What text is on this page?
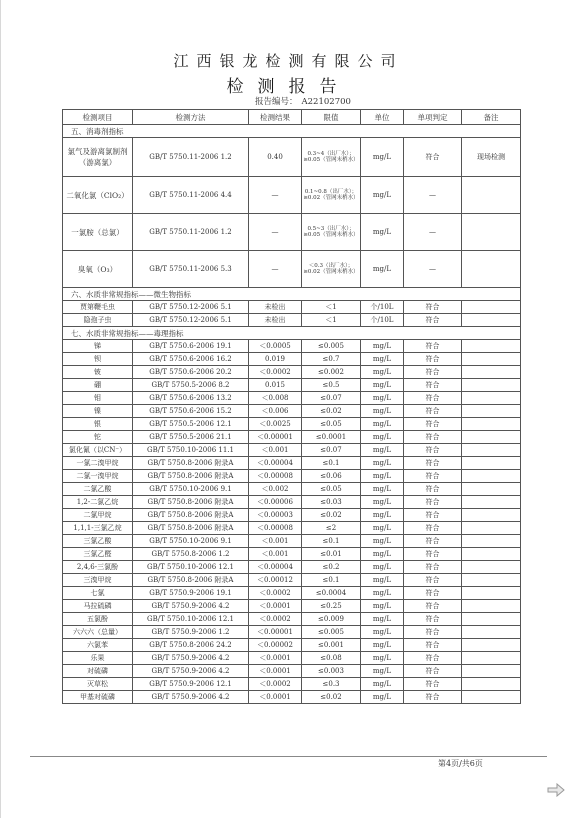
江西银龙检测有限公司
检测报告
报告编号： A22102700
检测项目	检测方法	检测结果	限值	单位	单项判定	备注
五、消毒剂指标						
氯气及游离氯制剂（游离氯）	GB/T 5750.11-2006 1.2	0.40	0.3~4（出厂水）；≥0.05（管网末梢水）	mg/L	符合	现场检测
二氧化氯（ClO₂）	GB/T 5750.11-2006 4.4	—	0.1~0.8（出厂水）；≥0.02（管网末梢水）	mg/L	—	
一氯胺（总氯）	GB/T 5750.11-2006 1.2	—	0.5~3（出厂水）；≥0.05（管网末梢水）	mg/L	—	
臭氧（O₃）	GB/T 5750.11-2006 5.3	—	＜0.3（出厂水）；≥0.02（管网末梢水）	mg/L	—	
六、水质非常规指标——微生物指标						
贾第鞭毛虫	GB/T 5750.12-2006 5.1	未检出	＜1	个/10L	符合	
隐孢子虫	GB/T 5750.12-2006 5.1	未检出	＜1	个/10L	符合	
七、水质非常规指标——毒理指标						
锑	GB/T 5750.6-2006 19.1	＜0.0005	≤0.005	mg/L	符合	
钡	GB/T 5750.6-2006 16.2	0.019	≤0.7	mg/L	符合	
铍	GB/T 5750.6-2006 20.2	＜0.0002	≤0.002	mg/L	符合	
硼	GB/T 5750.5-2006 8.2	0.015	≤0.5	mg/L	符合	
钼	GB/T 5750.6-2006 13.2	＜0.008	≤0.07	mg/L	符合	
镍	GB/T 5750.6-2006 15.2	＜0.006	≤0.02	mg/L	符合	
银	GB/T 5750.5-2006 12.1	＜0.0025	≤0.05	mg/L	符合	
铊	GB/T 5750.5-2006 21.1	＜0.00001	≤0.0001	mg/L	符合	
氯化氰（以CN⁻）	GB/T 5750.10-2006 11.1	＜0.001	≤0.07	mg/L	符合	
一氯二溴甲烷	GB/T 5750.8-2006 附录A	＜0.00004	≤0.1	mg/L	符合	
二氯一溴甲烷	GB/T 5750.8-2006 附录A	＜0.00008	≤0.06	mg/L	符合	
二氯乙酸	GB/T 5750.10-2006 9.1	＜0.002	≤0.05	mg/L	符合	
1,2-二氯乙烷	GB/T 5750.8-2006 附录A	＜0.00006	≤0.03	mg/L	符合	
二氯甲烷	GB/T 5750.8-2006 附录A	＜0.00003	≤0.02	mg/L	符合	
1,1,1-三氯乙烷	GB/T 5750.8-2006 附录A	＜0.00008	≤2	mg/L	符合	
三氯乙酸	GB/T 5750.10-2006 9.1	＜0.001	≤0.1	mg/L	符合	
三氯乙醛	GB/T 5750.8-2006 1.2	＜0.001	≤0.01	mg/L	符合	
2,4,6-三氯酚	GB/T 5750.10-2006 12.1	＜0.00004	≤0.2	mg/L	符合	
三溴甲烷	GB/T 5750.8-2006 附录A	＜0.00012	≤0.1	mg/L	符合	
七氯	GB/T 5750.9-2006 19.1	＜0.0002	≤0.0004	mg/L	符合	
马拉硫磷	GB/T 5750.9-2006 4.2	＜0.0001	≤0.25	mg/L	符合	
五氯酚	GB/T 5750.10-2006 12.1	＜0.0002	≤0.009	mg/L	符合	
六六六（总量）	GB/T 5750.9-2006 1.2	＜0.00001	≤0.005	mg/L	符合	
六氯苯	GB/T 5750.8-2006 24.2	＜0.00002	≤0.001	mg/L	符合	
乐果	GB/T 5750.9-2006 4.2	＜0.0001	≤0.08	mg/L	符合	
对硫磷	GB/T 5750.9-2006 4.2	＜0.0001	≤0.003	mg/L	符合	
灭草松	GB/T 5750.9-2006 12.1	＜0.0002	≤0.3	mg/L	符合	
甲基对硫磷	GB/T 5750.9-2006 4.2	＜0.0001	≤0.02	mg/L	符合	
第4页/共6页
